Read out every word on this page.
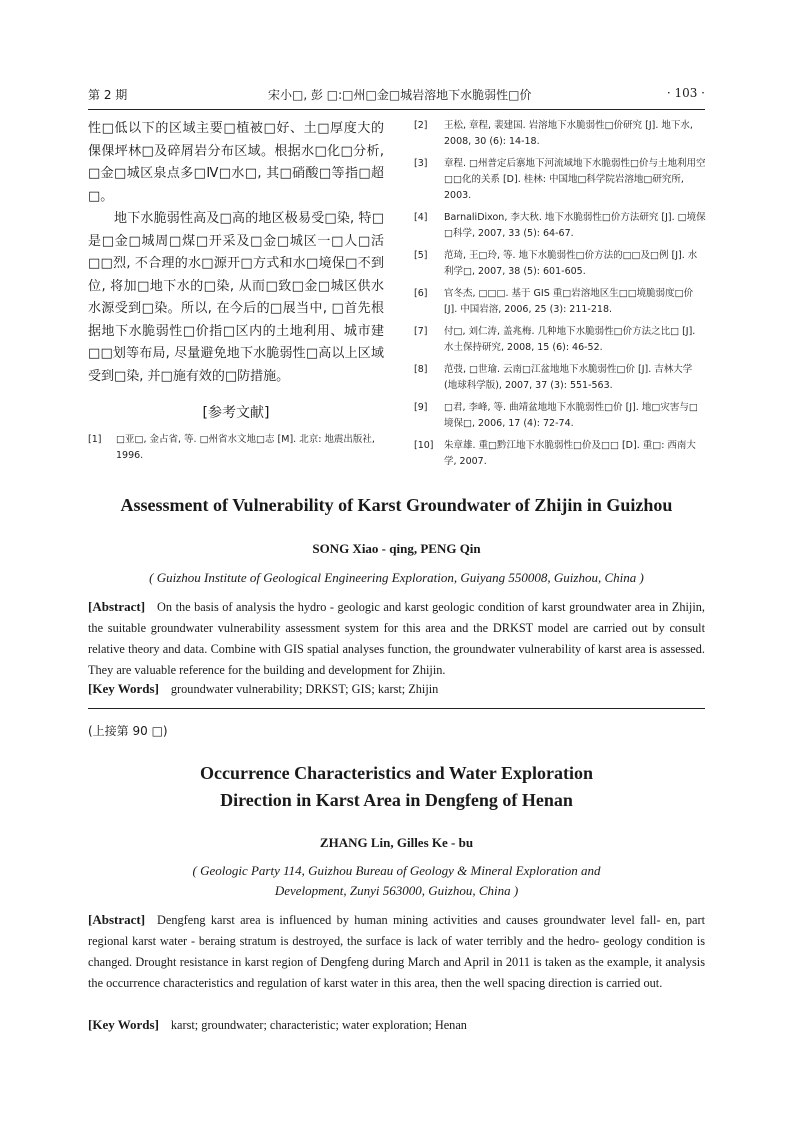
第 2 期	宋小□, 彭 □:□州□金□城岩溶地下水脆弱性□价	· 103 ·

性□低以下的区域主要□植被□好、土□厚度大的倮倮坪林□及碎屑岩分布区域。根据水□化□分析, □金□城区泉点多□Ⅳ□水□, 其□硝酸□等指□超□。

地下水脆弱性高及□高的地区极易受□染, 特□是□金□城周□煤□开采及□金□城区一□人□活□□烈, 不合理的水□源开□方式和水□境保□不到位, 将加□地下水的□染, 从而□致□金□城区供水水源受到□染。所以, 在今后的□展当中, □首先根据地下水脆弱性□价指□区内的土地利用、城市建□□划等布局, 尽量避免地下水脆弱性□高以上区域受到□染, 并□施有效的□防措施。

[参考文献]
[1] □亚□, 金占省, 等. □州省水文地□志 [M]. 北京: 地震出版社, 1996.
[2] 王松, 章程, 裴建国. 岩溶地下水脆弱性□价研究 [J]. 地下水, 2008, 30 (6): 14-18.
[3] 章程. □州普定后寨地下河流域地下水脆弱性□价与土地利用空□□化的关系 [D]. 桂林: 中国地□科学院岩溶地□研究所, 2003.
[4] BarnaliDixon, 李大秋. 地下水脆弱性□价方法研究 [J]. □境保□科学, 2007, 33 (5): 64-67.
[5] 范琦, 王□玲, 等. 地下水脆弱性□价方法的□□及□例 [J]. 水利学□, 2007, 38 (5): 601-605.
[6] 官冬杰, □□□. 基于 GIS 重□岩溶地区生□□境脆弱度□价 [J]. 中国岩溶, 2006, 25 (3): 211-218.
[7] 付□, 刘仁涛, 盖兆梅. 几种地下水脆弱性□价方法之比□ [J]. 水土保持研究, 2008, 15 (6): 46-52.
[8] 范弢, □世瑜. 云南□江盆地地下水脆弱性□价 [J]. 吉林大学 (地球科学版), 2007, 37 (3): 551-563.
[9] □君, 李峰, 等. 曲靖盆地地下水脆弱性□价 [J]. 地□灾害与□境保□, 2006, 17 (4): 72-74.
[10] 朱章雄. 重□黔江地下水脆弱性□价及□□ [D]. 重□: 西南大学, 2007.
Assessment of Vulnerability of Karst Groundwater of Zhijin in Guizhou
SONG Xiao - qing, PENG Qin
( Guizhou Institute of Geological Engineering Exploration, Guiyang 550008, Guizhou, China )
[Abstract] On the basis of analysis the hydro - geologic and karst geologic condition of karst groundwater area in Zhijin, the suitable groundwater vulnerability assessment system for this area and the DRKST model are carried out by consult relative theory and data. Combine with GIS spatial analyses function, the groundwater vulnerability of karst area is assessed. They are valuable reference for the building and development for Zhijin.
[Key Words] groundwater vulnerability; DRKST; GIS; karst; Zhijin
(上接第 90 □)
Occurrence Characteristics and Water Exploration
Direction in Karst Area in Dengfeng of Henan
ZHANG Lin, Gilles Ke - bu
( Geologic Party 114, Guizhou Bureau of Geology & Mineral Exploration and
Development, Zunyi 563000, Guizhou, China )
[Abstract] Dengfeng karst area is influenced by human mining activities and causes groundwater level fall- en, part regional karst water - beraing stratum is destroyed, the surface is lack of water terribly and the hedro- geology condition is changed. Drought resistance in karst region of Dengfeng during March and April in 2011 is taken as the example, it analysis the occurrence characteristics and regulation of karst water in this area, then the well spacing direction is carried out.
[Key Words] karst; groundwater; characteristic; water exploration; Henan
